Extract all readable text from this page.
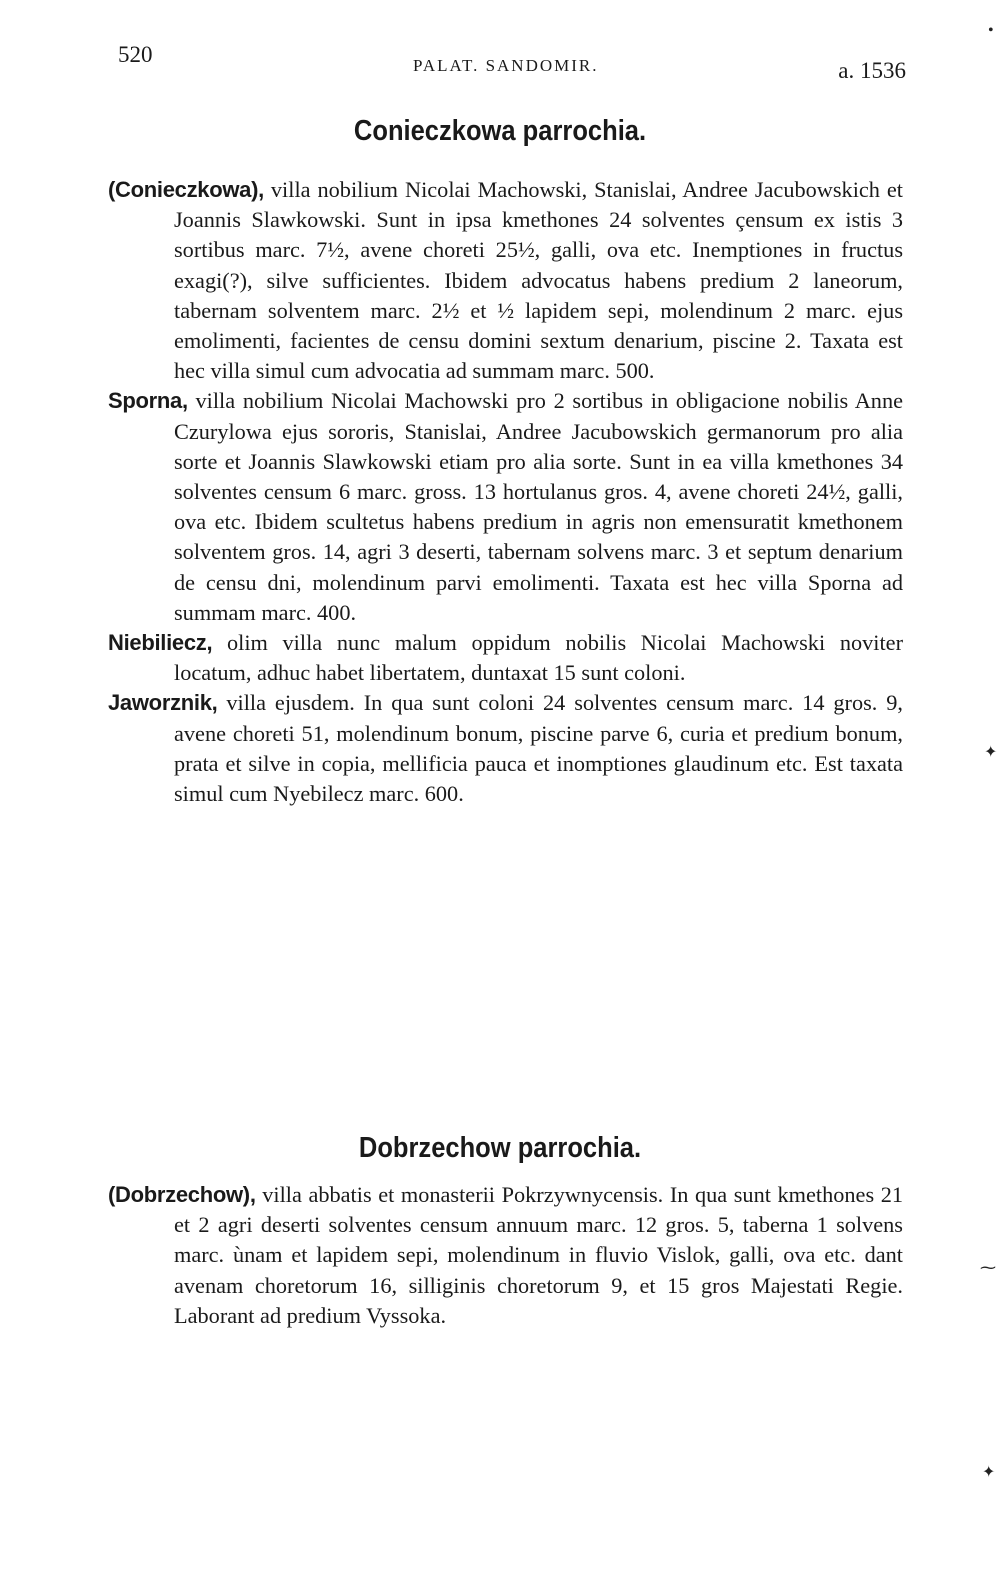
520	PALAT. SANDOMIR.	a. 1536
Conieczkowa parrochia.

(Conieczkowa), villa nobilium Nicolai Machowski, Stanislai, Andree Jacubowskich et Joannis Slawkowski. Sunt in ipsa kmethones 24 solventes çensum ex istis 3 sortibus marc. 7½, avene choreti 25½, galli, ova etc. Inemptiones in fructus exagi(?), silve sufficientes. Ibidem advocatus habens predium 2 laneorum, tabernam solventem marc. 2½ et ½ lapidem sepi, molendinum 2 marc. ejus emolimenti, facientes de censu domini sextum denarium, piscine 2. Taxata est hec villa simul cum advocatia ad summam marc. 500.

Sporna, villa nobilium Nicolai Machowski pro 2 sortibus in obligacione nobilis Anne Czurylowa ejus sororis, Stanislai, Andree Jacubowskich germanorum pro alia sorte et Joannis Slawkowski etiam pro alia sorte. Sunt in ea villa kmethones 34 solventes censum 6 marc. gross. 13 hortulanus gros. 4, avene choreti 24½, galli, ova etc. Ibidem scultetus habens predium in agris non emensuratit kmethonem solventem gros. 14, agri 3 deserti, tabernam solvens marc. 3 et septum denarium de censu dni, molendinum parvi emolimenti. Taxata est hec villa Sporna ad summam marc. 400.

Niebiliecz, olim villa nunc malum oppidum nobilis Nicolai Machowski noviter locatum, adhuc habet libertatem, duntaxat 15 sunt coloni.

Jaworznik, villa ejusdem. In qua sunt coloni 24 solventes censum marc. 14 gros. 9, avene choreti 51, molendinum bonum, piscine parve 6, curia et predium bonum, prata et silve in copia, mellificia pauca et inomptiones glaudinum etc. Est taxata simul cum Nyebilecz marc. 600.

Dobrzechow parrochia.

(Dobrzechow), villa abbatis et monasterii Pokrzywnycensis. In qua sunt kmethones 21 et 2 agri deserti solventes censum annuum marc. 12 gros. 5, taberna 1 solvens marc. ùnam et lapidem sepi, molendinum in fluvio Vislok, galli, ova etc. dant avenam choretorum 16, silliginis choretorum 9, et 15 gros Majestati Regie. Laborant ad predium Vyssoka.

•
✦
⁓
✦
